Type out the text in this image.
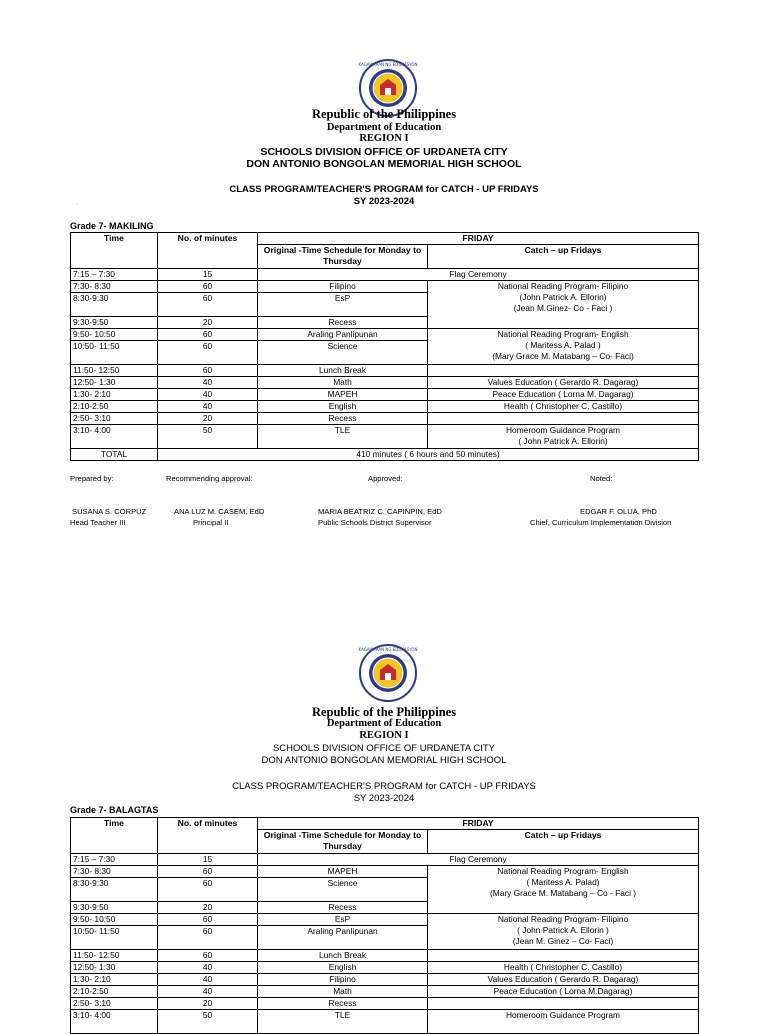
KAGAWARAN NG EDUKASYON
Republic of the Philippines
Department of Education
REGION I
SCHOOLS DIVISION OFFICE OF URDANETA CITY
DON ANTONIO BONGOLAN MEMORIAL HIGH SCHOOL
CLASS PROGRAM/TEACHER'S PROGRAM for CATCH - UP FRIDAYS
SY 2023-2024
.
Grade 7- MAKILING
Time	No. of minutes	FRIDAY	
		Original -Time Schedule for Monday to Thursday	Catch – up Fridays
7:15 – 7:30	15	Flag Ceremony	
7:30- 8:30	60	Filipino	National Reading Program- Filipino
(John Patrick A. Ellorin)
(Jean M.Ginez- Co - Faci )

8:30-9:30	60	EsP	
9:30-9:50	20	Recess	
9:50- 10:50	60	Araling Panlipunan	National Reading Program- English
( Maritess A. Palad )
(Mary Grace M. Matabang – Co- Faci)

10:50- 11:50	60	Science	
11:50- 12:50	60	Lunch Break	
12:50- 1:30	40	Math	Values Education ( Gerardo R. Dagarag)
1:30- 2:10	40	MAPEH	Peace Education ( Lorna M. Dagarag)
2:10-2:50	40	English	Health ( Christopher C. Castillo)
2:50- 3:10	20	Recess	
3:10- 4:00	50	TLE	Homeroom Guidance Program
( John Patrick A. Ellorin)

TOTAL	410 minutes ( 6 hours and 50 minutes)		
Prepared by:	Recommending approval:	Approved:	Noted:
SUSANA S. CORPUZ
Head Teacher III
ANA LUZ M. CASEM, EdD
Principal II
MARIA BEATRIZ C. CAPINPIN, EdD
Public Schools District Supervisor
EDGAR F. OLUA, PhD
Chief, Curriculum Implementation Division
KAGAWARAN NG EDUKASYON
Republic of the Philippines
Department of Education
REGION I
SCHOOLS DIVISION OFFICE OF URDANETA CITY
DON ANTONIO BONGOLAN MEMORIAL HIGH SCHOOL
CLASS PROGRAM/TEACHER'S PROGRAM for CATCH - UP FRIDAYS
SY 2023-2024
Grade 7- BALAGTAS
Time	No. of minutes	FRIDAY	
		Original -Time Schedule for Monday to Thursday	Catch – up Fridays
7:15 – 7:30	15	Flag Ceremony	
7:30- 8:30	60	MAPEH	National Reading Program- English
( Maritess A. Palad)
(Mary Grace M. Matabang – Co - Faci )

8:30-9:30	60	Science	
9:30-9:50	20	Recess	
9:50- 10:50	60	EsP	National Reading Program- Filipino
( John Patrick A. Ellorin )
(Jean M. Ginez – Co- Faci)

10:50- 11:50	60	Araling Panlipunan	
11:50- 12:50	60	Lunch Break	
12:50- 1:30	40	English	Health ( Christopher C. Castillo)
1:30- 2:10	40	Filipino	Values Education ( Gerardo R. Dagarag)
2:10-2:50	40	Math	Peace Education ( Lorna M.Dagarag)
2:50- 3:10	20	Recess	
3:10- 4:00	50	TLE	Homeroom Guidance Program
